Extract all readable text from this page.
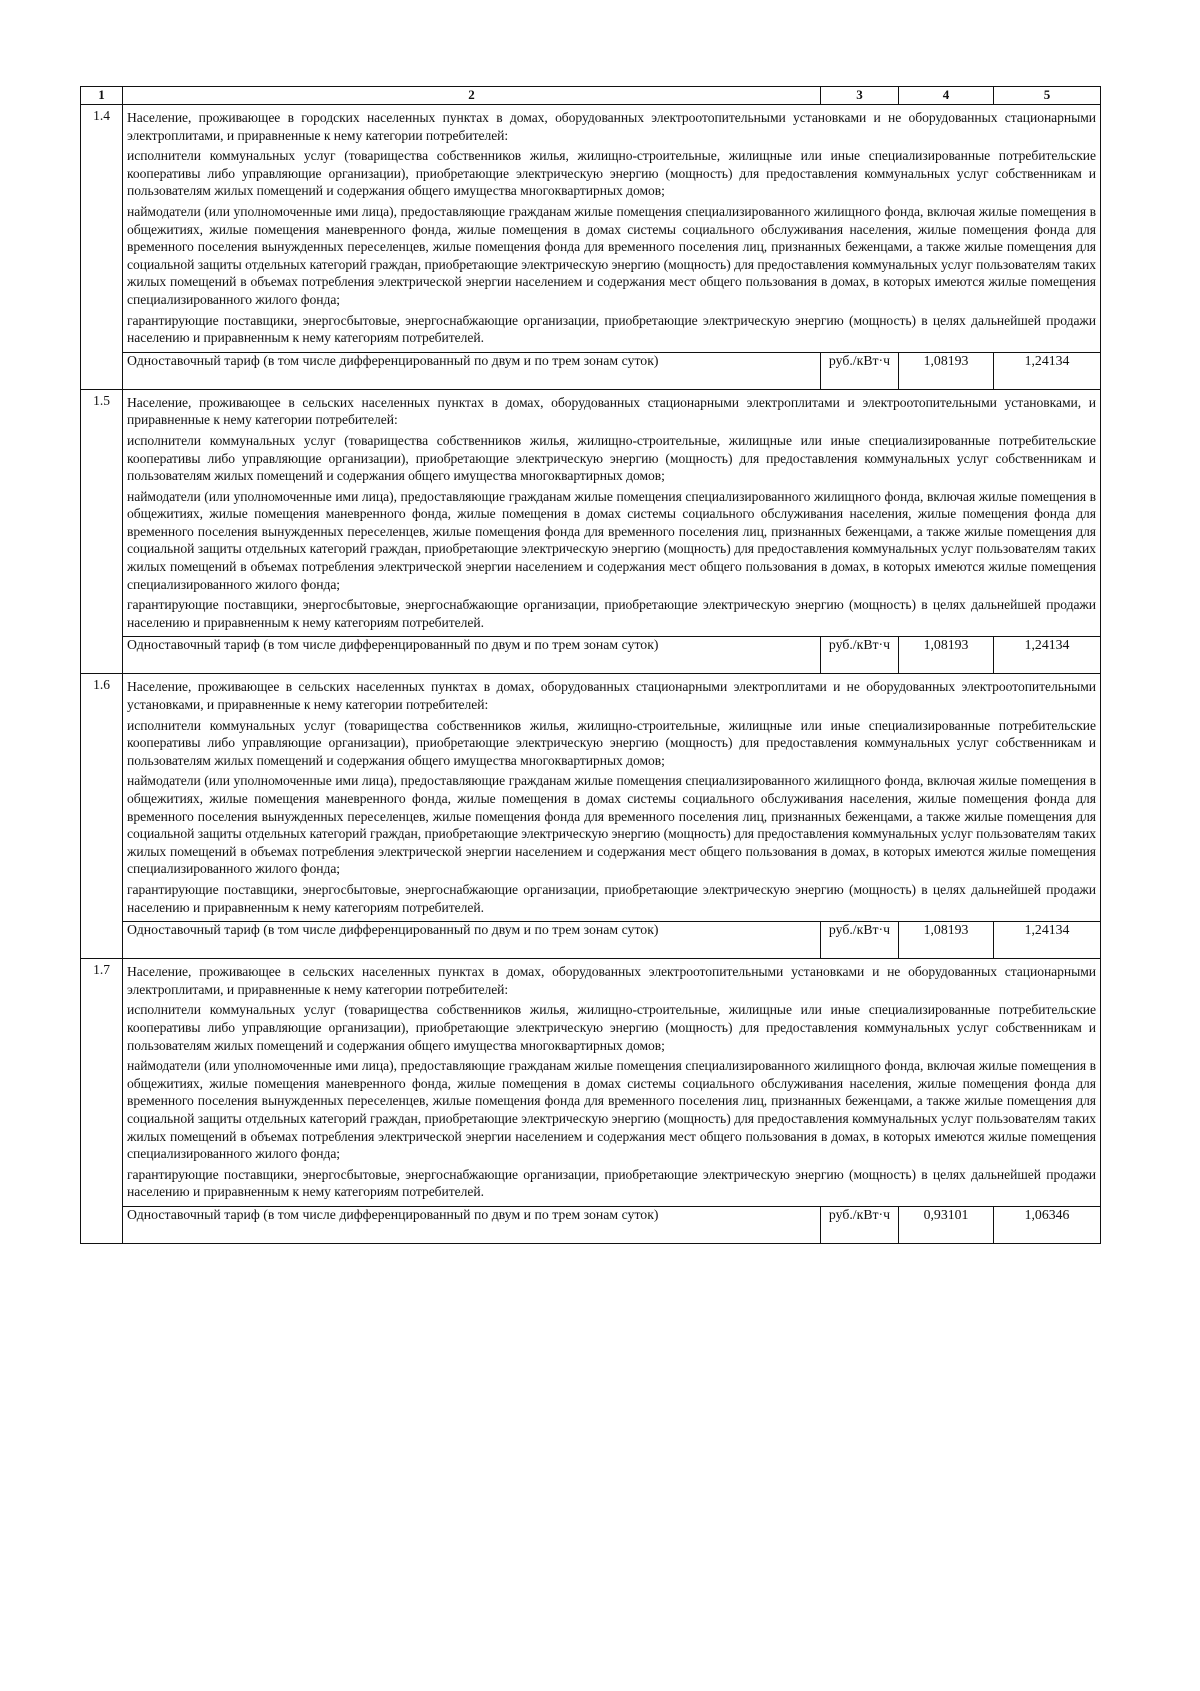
1	2	3	4	5
1.4	Население, проживающее в городских населенных пунктах в домах, оборудованных электроотопительными установками и не оборудованных стационарными электроплитами, и приравненные к нему категории потребителей:
исполнители коммунальных услуг (товарищества собственников жилья, жилищно-строительные, жилищные или иные специализированные потребительские кооперативы либо управляющие организации), приобретающие электрическую энергию (мощность) для предоставления коммунальных услуг собственникам и пользователям жилых помещений и содержания общего имущества многоквартирных домов;
наймодатели (или уполномоченные ими лица), предоставляющие гражданам жилые помещения специализированного жилищного фонда, включая жилые помещения в общежитиях, жилые помещения маневренного фонда, жилые помещения в домах системы социального обслуживания населения, жилые помещения фонда для временного поселения вынужденных переселенцев, жилые помещения фонда для временного поселения лиц, признанных беженцами, а также жилые помещения для социальной защиты отдельных категорий граждан, приобретающие электрическую энергию (мощность) для предоставления коммунальных услуг пользователям таких жилых помещений в объемах потребления электрической энергии населением и содержания мест общего пользования в домах, в которых имеются жилые помещения специализированного жилого фонда;
гарантирующие поставщики, энергосбытовые, энергоснабжающие организации, приобретающие электрическую энергию (мощность) в целях дальнейшей продажи населению и приравненным к нему категориям потребителей.			

	Одноставочный тариф (в том числе дифференцированный по двум и по трем зонам суток)	руб./кВт·ч	1,08193	1,24134
1.5	Население, проживающее в сельских населенных пунктах в домах, оборудованных стационарными электроплитами и электроотопительными установками, и приравненные к нему категории потребителей:
исполнители коммунальных услуг (товарищества собственников жилья, жилищно-строительные, жилищные или иные специализированные потребительские кооперативы либо управляющие организации), приобретающие электрическую энергию (мощность) для предоставления коммунальных услуг собственникам и пользователям жилых помещений и содержания общего имущества многоквартирных домов;
наймодатели (или уполномоченные ими лица), предоставляющие гражданам жилые помещения специализированного жилищного фонда, включая жилые помещения в общежитиях, жилые помещения маневренного фонда, жилые помещения в домах системы социального обслуживания населения, жилые помещения фонда для временного поселения вынужденных переселенцев, жилые помещения фонда для временного поселения лиц, признанных беженцами, а также жилые помещения для социальной защиты отдельных категорий граждан, приобретающие электрическую энергию (мощность) для предоставления коммунальных услуг пользователям таких жилых помещений в объемах потребления электрической энергии населением и содержания мест общего пользования в домах, в которых имеются жилые помещения специализированного жилого фонда;
гарантирующие поставщики, энергосбытовые, энергоснабжающие организации, приобретающие электрическую энергию (мощность) в целях дальнейшей продажи населению и приравненным к нему категориям потребителей.			

	Одноставочный тариф (в том числе дифференцированный по двум и по трем зонам суток)	руб./кВт·ч	1,08193	1,24134
1.6	Население, проживающее в сельских населенных пунктах в домах, оборудованных стационарными электроплитами и не оборудованных электроотопительными установками, и приравненные к нему категории потребителей:
исполнители коммунальных услуг (товарищества собственников жилья, жилищно-строительные, жилищные или иные специализированные потребительские кооперативы либо управляющие организации), приобретающие электрическую энергию (мощность) для предоставления коммунальных услуг собственникам и пользователям жилых помещений и содержания общего имущества многоквартирных домов;
наймодатели (или уполномоченные ими лица), предоставляющие гражданам жилые помещения специализированного жилищного фонда, включая жилые помещения в общежитиях, жилые помещения маневренного фонда, жилые помещения в домах системы социального обслуживания населения, жилые помещения фонда для временного поселения вынужденных переселенцев, жилые помещения фонда для временного поселения лиц, признанных беженцами, а также жилые помещения для социальной защиты отдельных категорий граждан, приобретающие электрическую энергию (мощность) для предоставления коммунальных услуг пользователям таких жилых помещений в объемах потребления электрической энергии населением и содержания мест общего пользования в домах, в которых имеются жилые помещения специализированного жилого фонда;
гарантирующие поставщики, энергосбытовые, энергоснабжающие организации, приобретающие электрическую энергию (мощность) в целях дальнейшей продажи населению и приравненным к нему категориям потребителей.			

	Одноставочный тариф (в том числе дифференцированный по двум и по трем зонам суток)	руб./кВт·ч	1,08193	1,24134
1.7	Население, проживающее в сельских населенных пунктах в домах, оборудованных электроотопительными установками и не оборудованных стационарными электроплитами, и приравненные к нему категории потребителей:
исполнители коммунальных услуг (товарищества собственников жилья, жилищно-строительные, жилищные или иные специализированные потребительские кооперативы либо управляющие организации), приобретающие электрическую энергию (мощность) для предоставления коммунальных услуг собственникам и пользователям жилых помещений и содержания общего имущества многоквартирных домов;
наймодатели (или уполномоченные ими лица), предоставляющие гражданам жилые помещения специализированного жилищного фонда, включая жилые помещения в общежитиях, жилые помещения маневренного фонда, жилые помещения в домах системы социального обслуживания населения, жилые помещения фонда для временного поселения вынужденных переселенцев, жилые помещения фонда для временного поселения лиц, признанных беженцами, а также жилые помещения для социальной защиты отдельных категорий граждан, приобретающие электрическую энергию (мощность) для предоставления коммунальных услуг пользователям таких жилых помещений в объемах потребления электрической энергии населением и содержания мест общего пользования в домах, в которых имеются жилые помещения специализированного жилого фонда;
гарантирующие поставщики, энергосбытовые, энергоснабжающие организации, приобретающие электрическую энергию (мощность) в целях дальнейшей продажи населению и приравненным к нему категориям потребителей.			

	Одноставочный тариф (в том числе дифференцированный по двум и по трем зонам суток)	руб./кВт·ч	0,93101	1,06346
